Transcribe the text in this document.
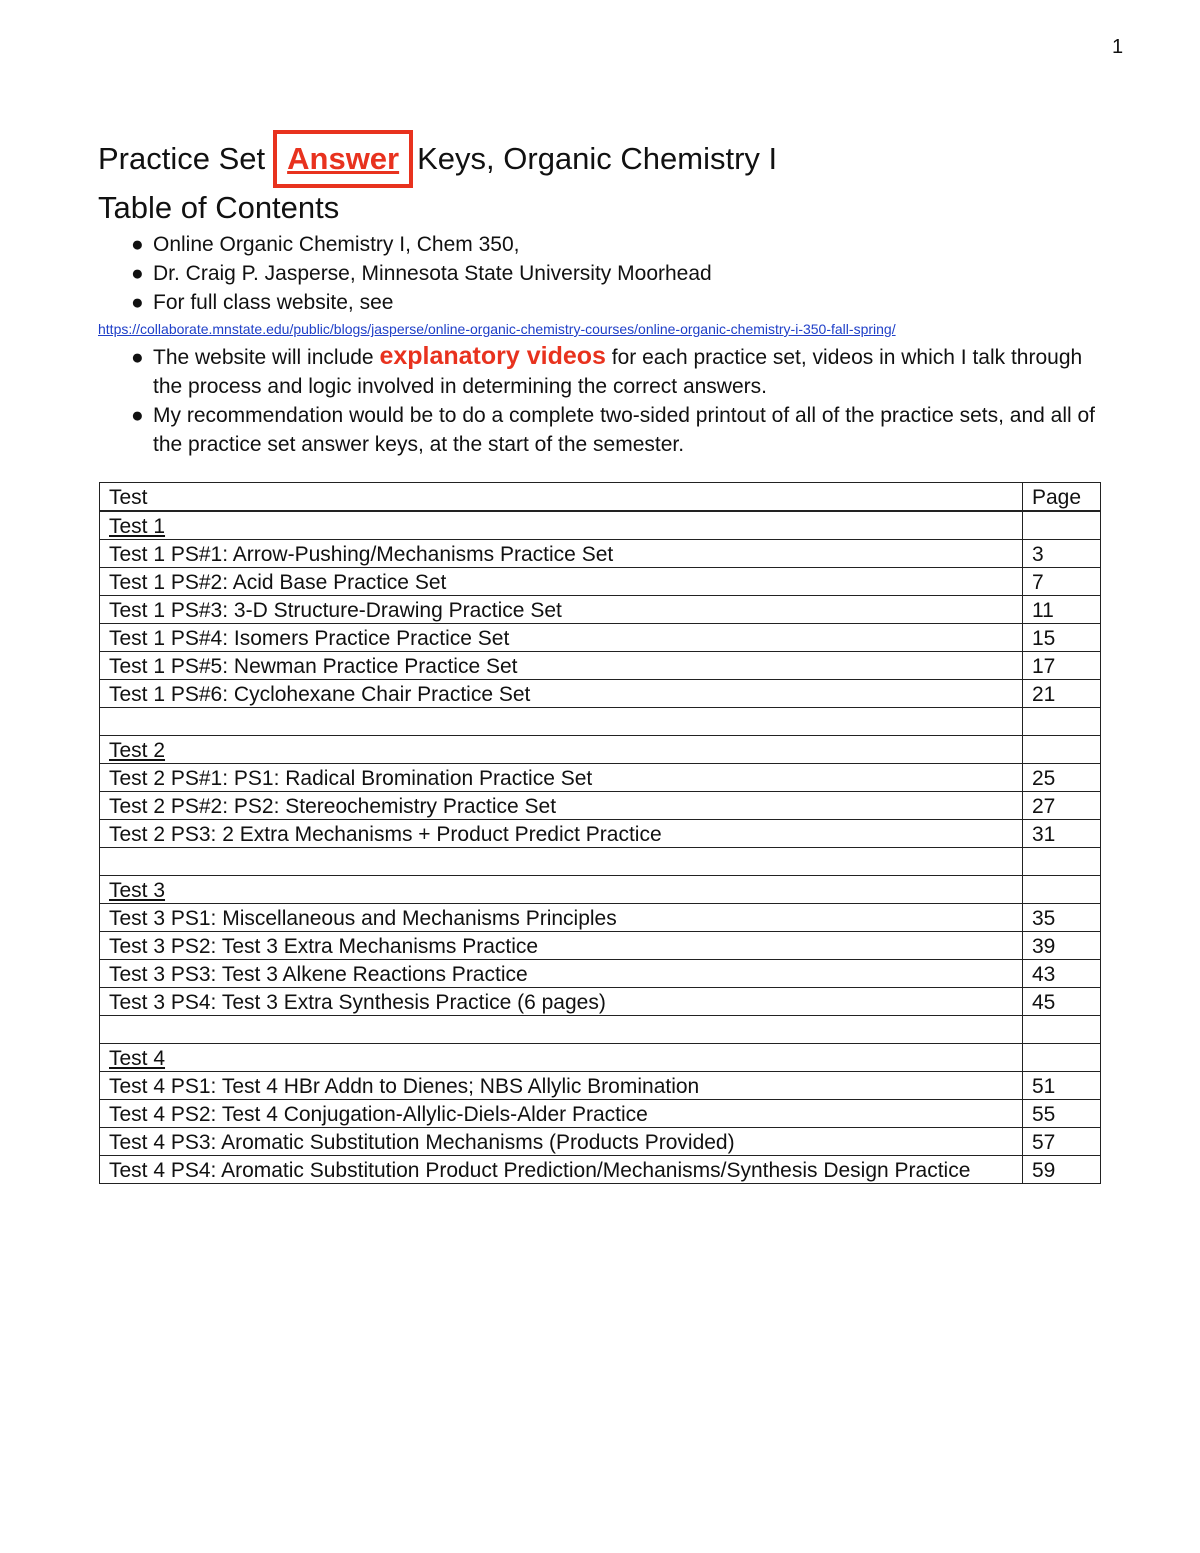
1
Practice Set Answer Keys, Organic Chemistry I
Table of Contents
● Online Organic Chemistry I, Chem 350,
● Dr. Craig P. Jasperse, Minnesota State University Moorhead
● For full class website, see
https://collaborate.mnstate.edu/public/blogs/jasperse/online-organic-chemistry-courses/online-organic-chemistry-i-350-fall-spring/
● The website will include explanatory videos for each practice set, videos in which I talk through the process and logic involved in determining the correct answers.
● My recommendation would be to do a complete two-sided printout of all of the practice sets, and all of the practice set answer keys, at the start of the semester.
Test	Page
Test 1	
Test 1 PS#1: Arrow-Pushing/Mechanisms Practice Set	3
Test 1 PS#2: Acid Base Practice Set	7
Test 1 PS#3: 3-D Structure-Drawing Practice Set	11
Test 1 PS#4: Isomers Practice Practice Set	15
Test 1 PS#5: Newman Practice Practice Set	17
Test 1 PS#6: Cyclohexane Chair Practice Set	21

Test 2	
Test 2 PS#1: PS1: Radical Bromination Practice Set	25
Test 2 PS#2: PS2: Stereochemistry Practice Set	27
Test 2 PS3: 2 Extra Mechanisms + Product Predict Practice	31

Test 3	
Test 3 PS1: Miscellaneous and Mechanisms Principles	35
Test 3 PS2: Test 3 Extra Mechanisms Practice	39
Test 3 PS3: Test 3 Alkene Reactions Practice	43
Test 3 PS4: Test 3 Extra Synthesis Practice (6 pages)	45

Test 4	
Test 4 PS1: Test 4 HBr Addn to Dienes; NBS Allylic Bromination	51
Test 4 PS2: Test 4 Conjugation-Allylic-Diels-Alder Practice	55
Test 4 PS3: Aromatic Substitution Mechanisms (Products Provided)	57
Test 4 PS4: Aromatic Substitution Product Prediction/Mechanisms/Synthesis Design Practice	59
